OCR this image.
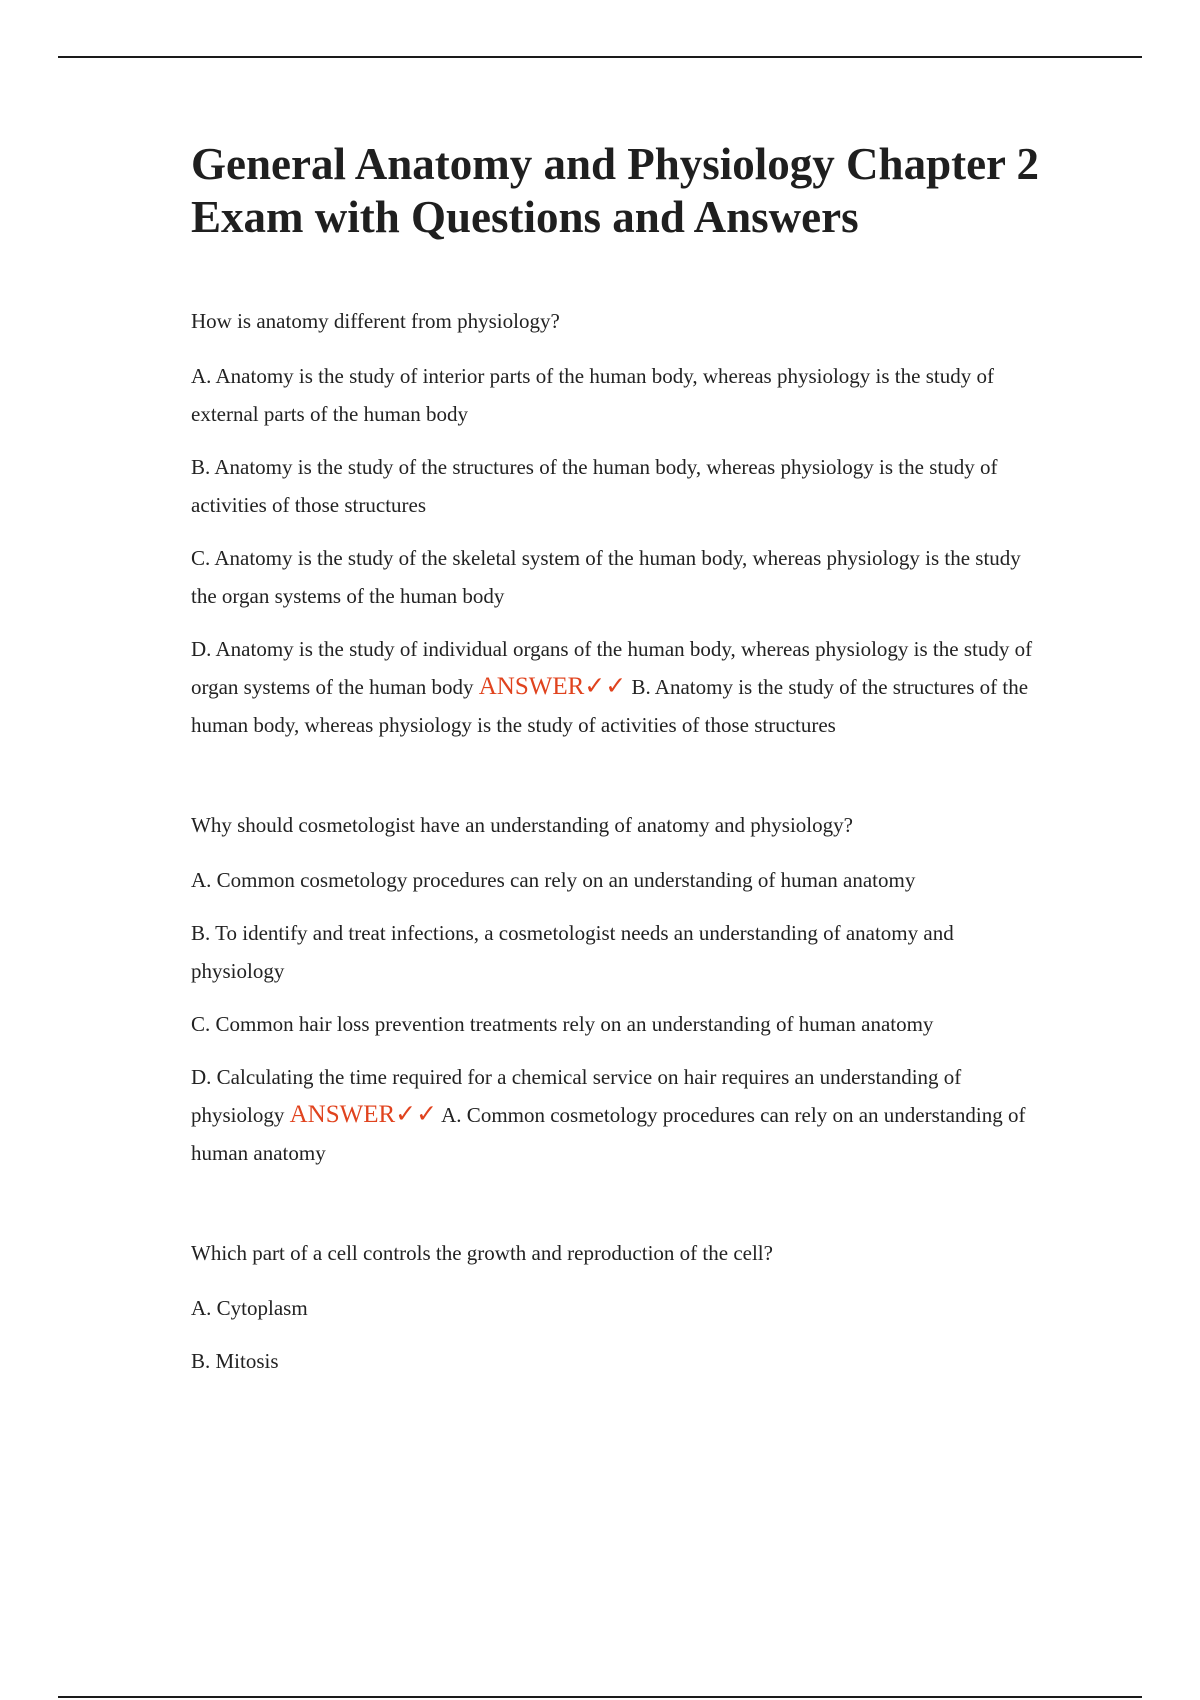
General Anatomy and Physiology Chapter 2 Exam with Questions and Answers

How is anatomy different from physiology?

A. Anatomy is the study of interior parts of the human body, whereas physiology is the study of external parts of the human body

B. Anatomy is the study of the structures of the human body, whereas physiology is the study of activities of those structures

C. Anatomy is the study of the skeletal system of the human body, whereas physiology is the study the organ systems of the human body

D. Anatomy is the study of individual organs of the human body, whereas physiology is the study of organ systems of the human body ANSWER✓✓ B. Anatomy is the study of the structures of the human body, whereas physiology is the study of activities of those structures

Why should cosmetologist have an understanding of anatomy and physiology?

A. Common cosmetology procedures can rely on an understanding of human anatomy

B. To identify and treat infections, a cosmetologist needs an understanding of anatomy and physiology

C. Common hair loss prevention treatments rely on an understanding of human anatomy

D. Calculating the time required for a chemical service on hair requires an understanding of physiology ANSWER✓✓ A. Common cosmetology procedures can rely on an understanding of human anatomy

Which part of a cell controls the growth and reproduction of the cell?

A. Cytoplasm

B. Mitosis
